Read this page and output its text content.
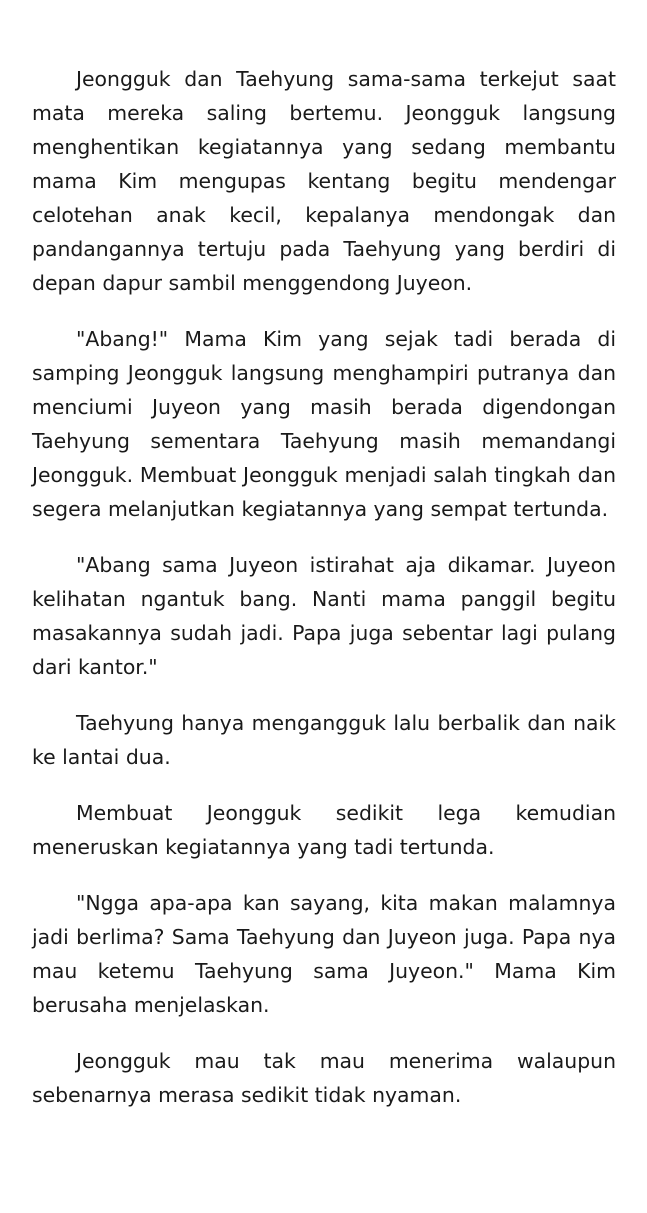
Jeongguk dan Taehyung sama-sama terkejut saat mata mereka saling bertemu. Jeongguk langsung menghentikan kegiatannya yang sedang membantu mama Kim mengupas kentang begitu mendengar celotehan anak kecil, kepalanya mendongak dan pandangannya tertuju pada Taehyung yang berdiri di depan dapur sambil menggendong Juyeon.

"Abang!" Mama Kim yang sejak tadi berada di samping Jeongguk langsung menghampiri putranya dan menciumi Juyeon yang masih berada digendongan Taehyung sementara Taehyung masih memandangi Jeongguk. Membuat Jeongguk menjadi salah tingkah dan segera melanjutkan kegiatannya yang sempat tertunda.

"Abang sama Juyeon istirahat aja dikamar. Juyeon kelihatan ngantuk bang. Nanti mama panggil begitu masakannya sudah jadi. Papa juga sebentar lagi pulang dari kantor."

Taehyung hanya mengangguk lalu berbalik dan naik ke lantai dua.

Membuat Jeongguk sedikit lega kemudian meneruskan kegiatannya yang tadi tertunda.

"Ngga apa-apa kan sayang, kita makan malamnya jadi berlima? Sama Taehyung dan Juyeon juga. Papa nya mau ketemu Taehyung sama Juyeon." Mama Kim berusaha menjelaskan.

Jeongguk mau tak mau menerima walaupun sebenarnya merasa sedikit tidak nyaman.
